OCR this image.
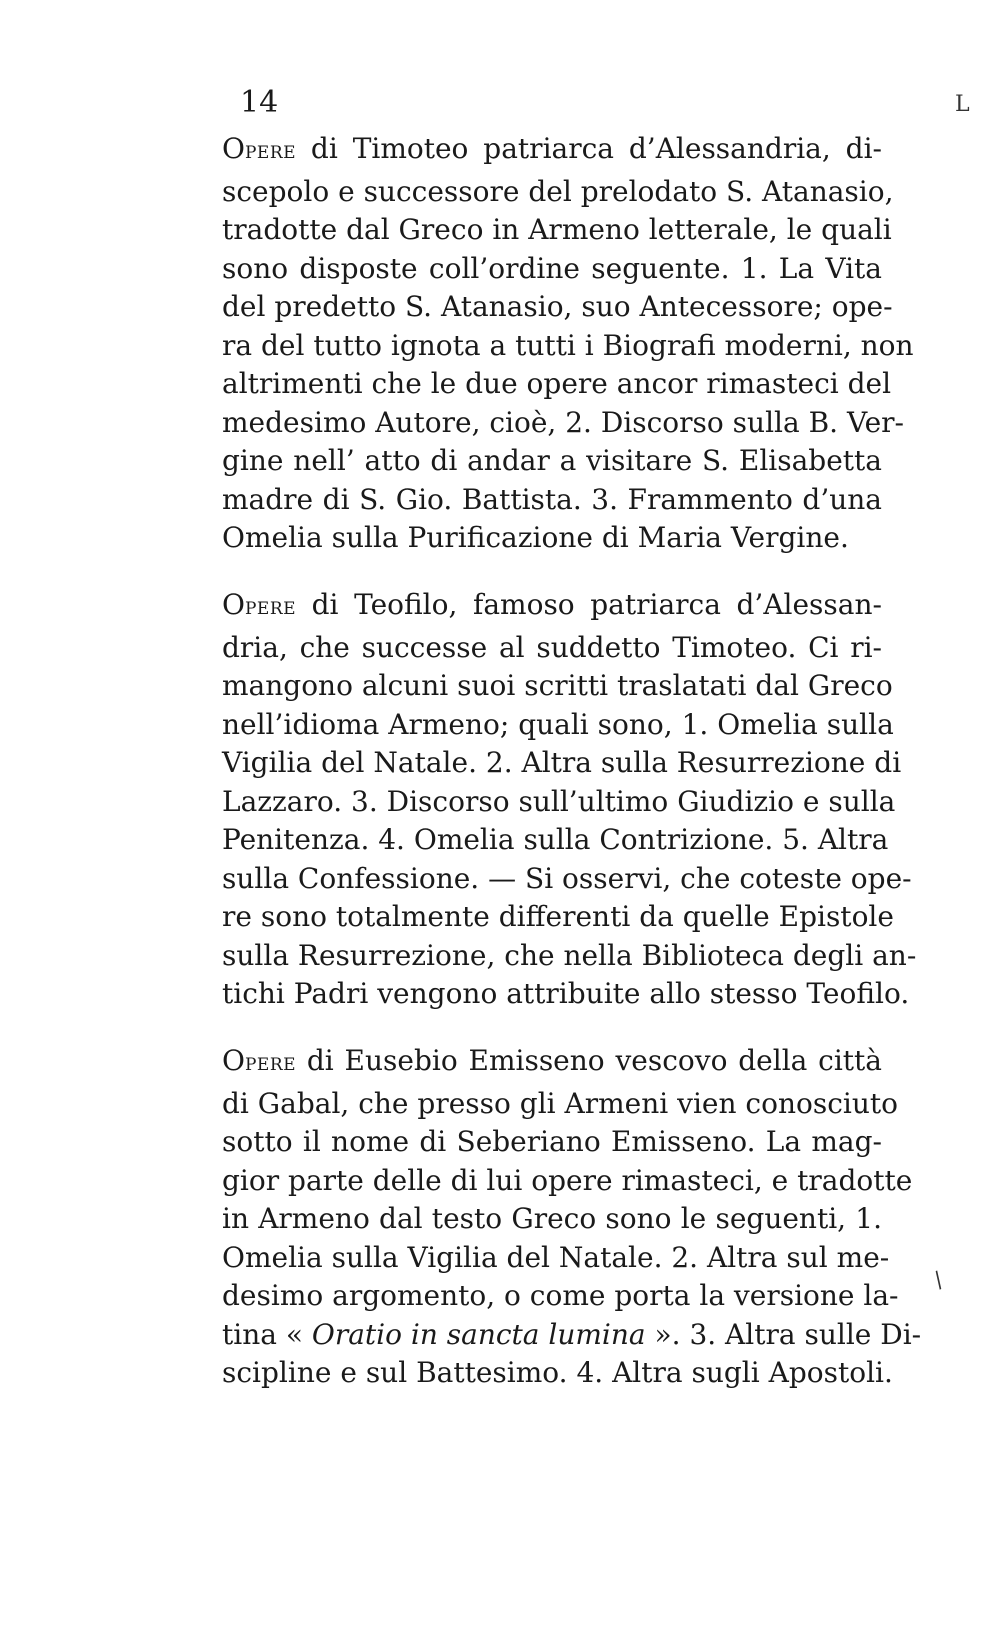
14	L
/

OPERE di Timoteo patriarca d’Alessandria, di-
scepolo e successore del prelodato S. Atanasio,
tradotte dal Greco in Armeno letterale, le quali
sono disposte coll’ordine seguente. 1. La Vita
del predetto S. Atanasio, suo Antecessore; ope-
ra del tutto ignota a tutti i Biografi moderni, non
altrimenti che le due opere ancor rimasteci del
medesimo Autore, cioè, 2. Discorso sulla B. Ver-
gine nell’ atto di andar a visitare S. Elisabetta
madre di S. Gio. Battista. 3. Frammento d’una
Omelia sulla Purificazione di Maria Vergine.

OPERE di Teofilo, famoso patriarca d’Alessan-
dria, che successe al suddetto Timoteo. Ci ri-
mangono alcuni suoi scritti traslatati dal Greco
nell’idioma Armeno; quali sono, 1. Omelia sulla
Vigilia del Natale. 2. Altra sulla Resurrezione di
Lazzaro. 3. Discorso sull’ultimo Giudizio e sulla
Penitenza. 4. Omelia sulla Contrizione. 5. Altra
sulla Confessione. — Si osservi, che coteste ope-
re sono totalmente differenti da quelle Epistole
sulla Resurrezione, che nella Biblioteca degli an-
tichi Padri vengono attribuite allo stesso Teofilo.

OPERE di Eusebio Emisseno vescovo della città
di Gabal, che presso gli Armeni vien conosciuto
sotto il nome di Seberiano Emisseno. La mag-
gior parte delle di lui opere rimasteci, e tradotte
in Armeno dal testo Greco sono le seguenti, 1.
Omelia sulla Vigilia del Natale. 2. Altra sul me-
desimo argomento, o come porta la versione la-
tina « Oratio in sancta lumina ». 3. Altra sulle Di-
scipline e sul Battesimo. 4. Altra sugli Apostoli.
